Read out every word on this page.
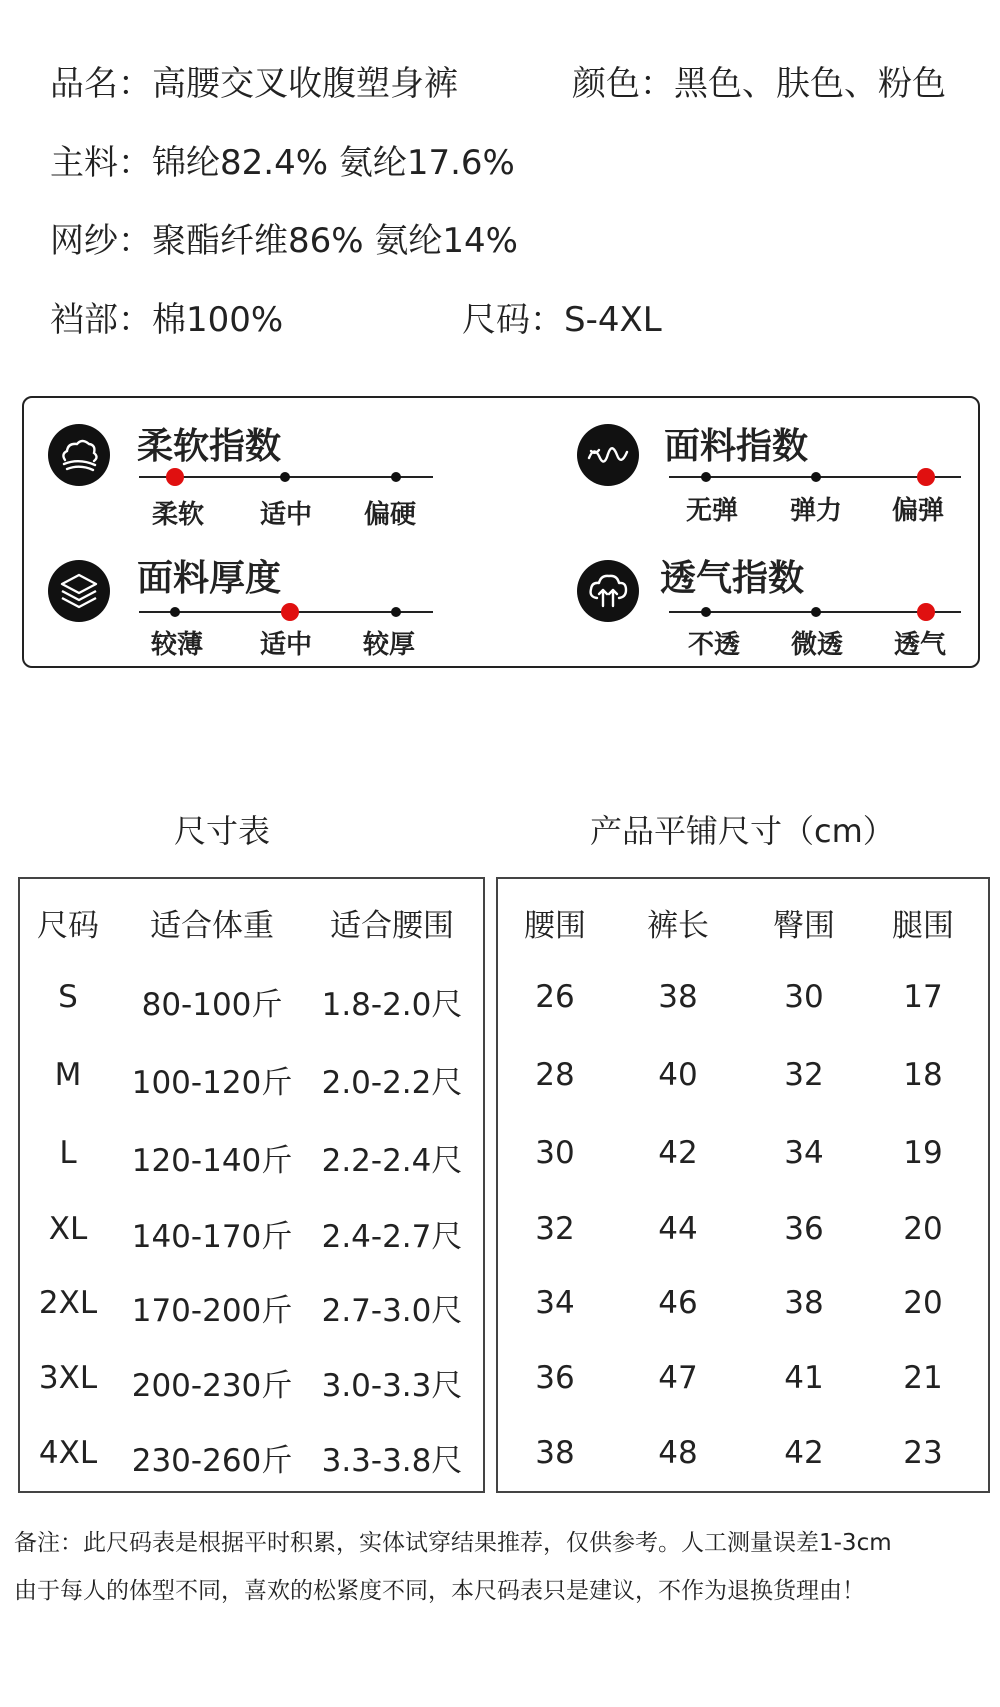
品名：高腰交叉收腹塑身裤	颜色：黑色、肤色、粉色
主料：锦纶82.4% 氨纶17.6%
网纱：聚酯纤维86% 氨纶14%
裆部：棉100%	尺码：S-4XL
柔软指数
柔软	适中	偏硬
面料指数
无弹	弹力	偏弹
面料厚度
较薄	适中	较厚
透气指数
不透	微透	透气
尺寸表	产品平铺尺寸（cm）
尺码	适合体重	适合腰围
S	80-100斤	1.8-2.0尺
M	100-120斤 2.0-2.2尺
L	120-140斤 2.2-2.4尺
XL	140-170斤 2.4-2.7尺
2XL	170-200斤 2.7-3.0尺
3XL	200-230斤 3.0-3.3尺
4XL	230-260斤 3.3-3.8尺
腰围	裤长	臀围	腿围
26	38	30	17
28	40	32	18
30	42	34	19
32	44	36	20
34	46	38	20
36	47	41	21
38	48	42	23
备注：此尺码表是根据平时积累，实体试穿结果推荐，仅供参考。人工测量误差1-3cm
由于每人的体型不同，喜欢的松紧度不同，本尺码表只是建议，不作为退换货理由！
